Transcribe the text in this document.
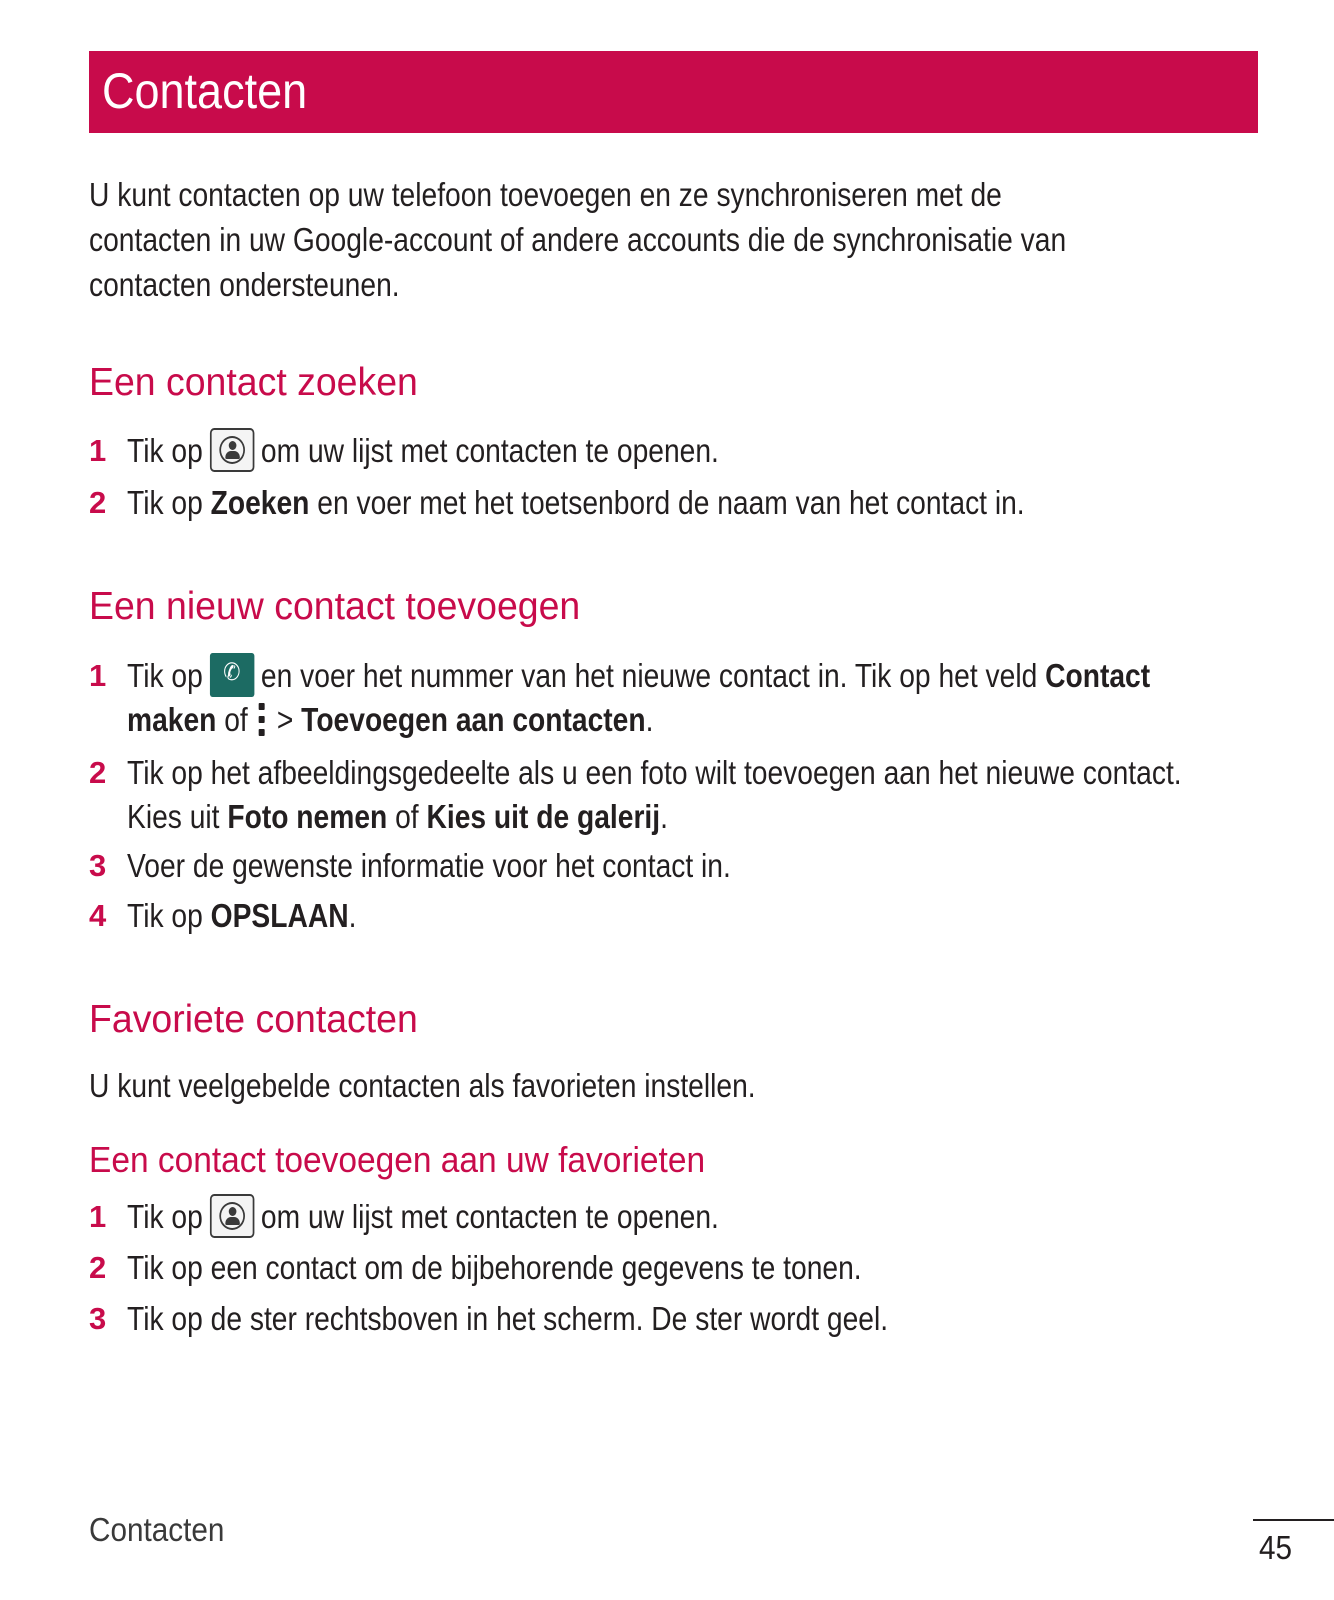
Contacten

U kunt contacten op uw telefoon toevoegen en ze synchroniseren met de contacten in uw Google-account of andere accounts die de synchronisatie van contacten ondersteunen.

Een contact zoeken
1 Tik op om uw lijst met contacten te openen.
2 Tik op Zoeken en voer met het toetsenbord de naam van het contact in.
Een nieuw contact toevoegen
1 Tik op ✆ en voer het nummer van het nieuwe contact in. Tik op het veld Contact
maken of > Toevoegen aan contacten.
2 Tik op het afbeeldingsgedeelte als u een foto wilt toevoegen aan het nieuwe contact.
Kies uit Foto nemen of Kies uit de galerij.
3 Voer de gewenste informatie voor het contact in.
4 Tik op OPSLAAN.
Favoriete contacten

U kunt veelgebelde contacten als favorieten instellen.

Een contact toevoegen aan uw favorieten
1 Tik op om uw lijst met contacten te openen.
2 Tik op een contact om de bijbehorende gegevens te tonen.
3 Tik op de ster rechtsboven in het scherm. De ster wordt geel.
Contacten	45
